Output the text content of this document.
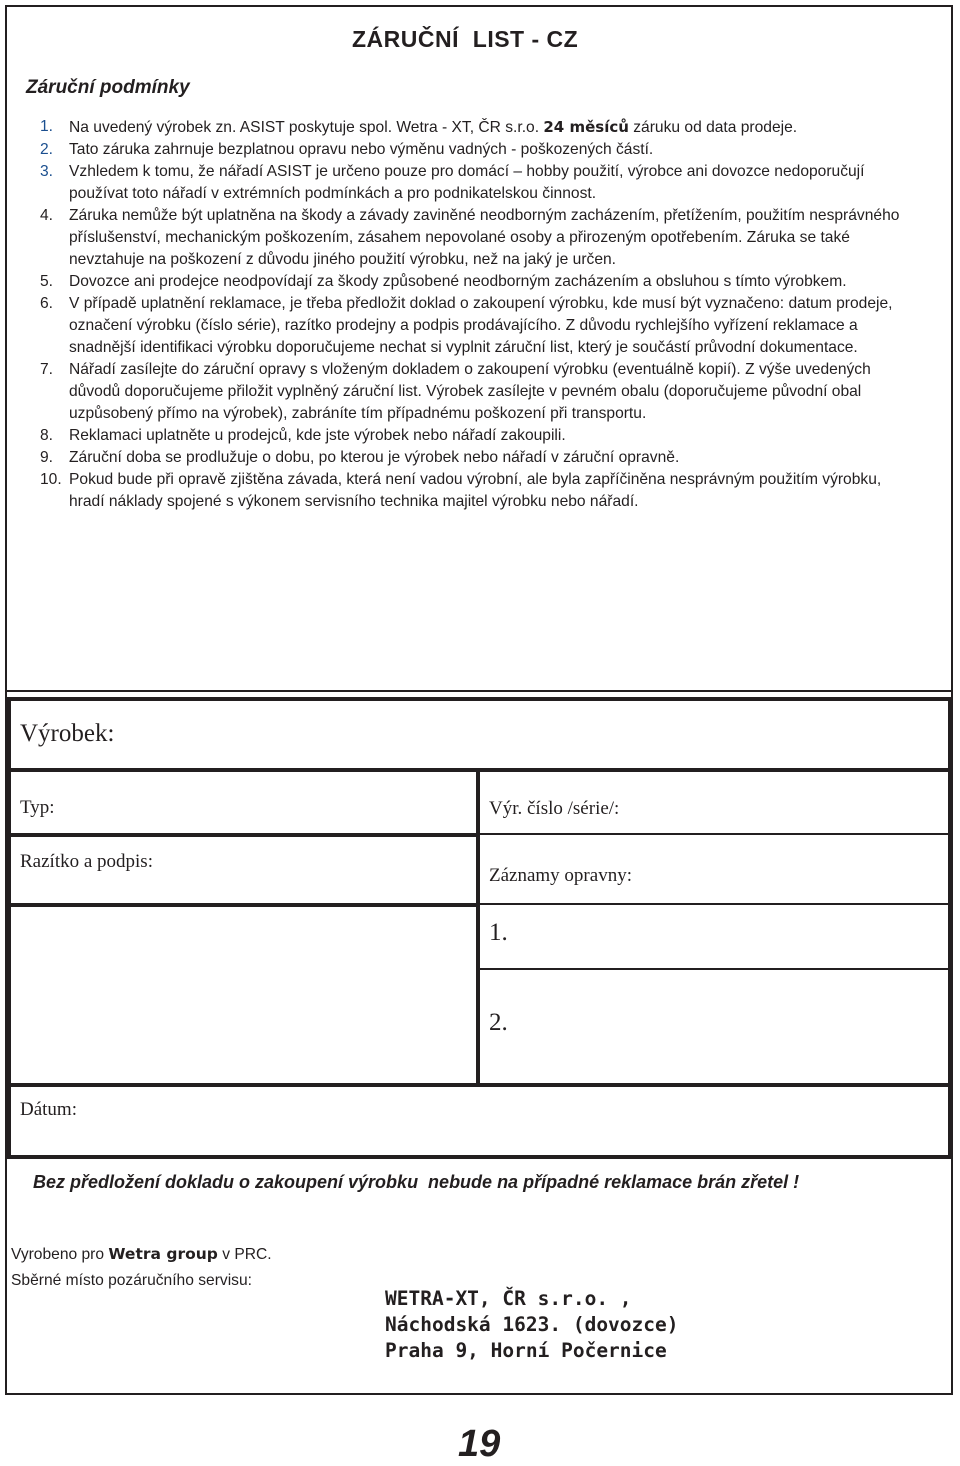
ZÁRUČNÍ  LIST - CZ
Záruční podmínky
1.	Na uvedený výrobek zn. ASIST poskytuje spol. Wetra - XT, ČR s.r.o. 24 měsíců záruku od data prodeje.
2.	Tato záruka zahrnuje bezplatnou opravu nebo výměnu vadných - poškozených částí.
3.	Vzhledem k tomu, že nářadí ASIST je určeno pouze pro domácí – hobby použití, výrobce ani dovozce nedoporučují používat toto nářadí v extrémních podmínkách a pro podnikatelskou činnost.
4.	Záruka nemůže být uplatněna na škody a závady zaviněné neodborným zacházením, přetížením, použitím nesprávného příslušenství, mechanickým poškozením, zásahem nepovolané osoby a přirozeným opotřebením. Záruka se také nevztahuje na poškození z důvodu jiného použití výrobku, než na jaký je určen.
5.	Dovozce ani prodejce neodpovídají za škody způsobené neodborným zacházením a obsluhou s tímto výrobkem.
6.	V případě uplatnění reklamace, je třeba předložit doklad o zakoupení výrobku, kde musí být vyznačeno: datum prodeje, označení výrobku (číslo série), razítko prodejny a podpis prodávajícího. Z důvodu rychlejšího vyřízení reklamace a snadnější identifikaci výrobku doporučujeme nechat si vyplnit záruční list, který je součástí průvodní dokumentace.
7.	Nářadí zasílejte do záruční opravy s vloženým dokladem o zakoupení výrobku (eventuálně kopií). Z výše uvedených důvodů doporučujeme přiložit vyplněný záruční list. Výrobek zasílejte v pevném obalu (doporučujeme původní obal uzpůsobený přímo na výrobek), zabráníte tím případnému poškození při transportu.
8.	Reklamaci uplatněte u prodejců, kde jste výrobek nebo nářadí zakoupili.
9.	Záruční doba se prodlužuje o dobu, po kterou je výrobek nebo nářadí v záruční opravně.
10. Pokud bude při opravě zjištěna závada, která není vadou výrobní, ale byla zapříčiněna nesprávným použitím výrobku, hradí náklady spojené s výkonem servisního technika majitel výrobku nebo nářadí.
Výrobek:
Typ:	Výr. číslo /série/:
Razítko a podpis:
Záznamy opravny:
1.
2.
Dátum:
Bez předložení dokladu o zakoupení výrobku  nebude na případné reklamace brán zřetel !
Vyrobeno pro Wetra group v PRC.
Sběrné místo pozáručního servisu:
WETRA-XT, ČR s.r.o. ,
Náchodská 1623. (dovozce)
Praha 9, Horní Počernice
19
